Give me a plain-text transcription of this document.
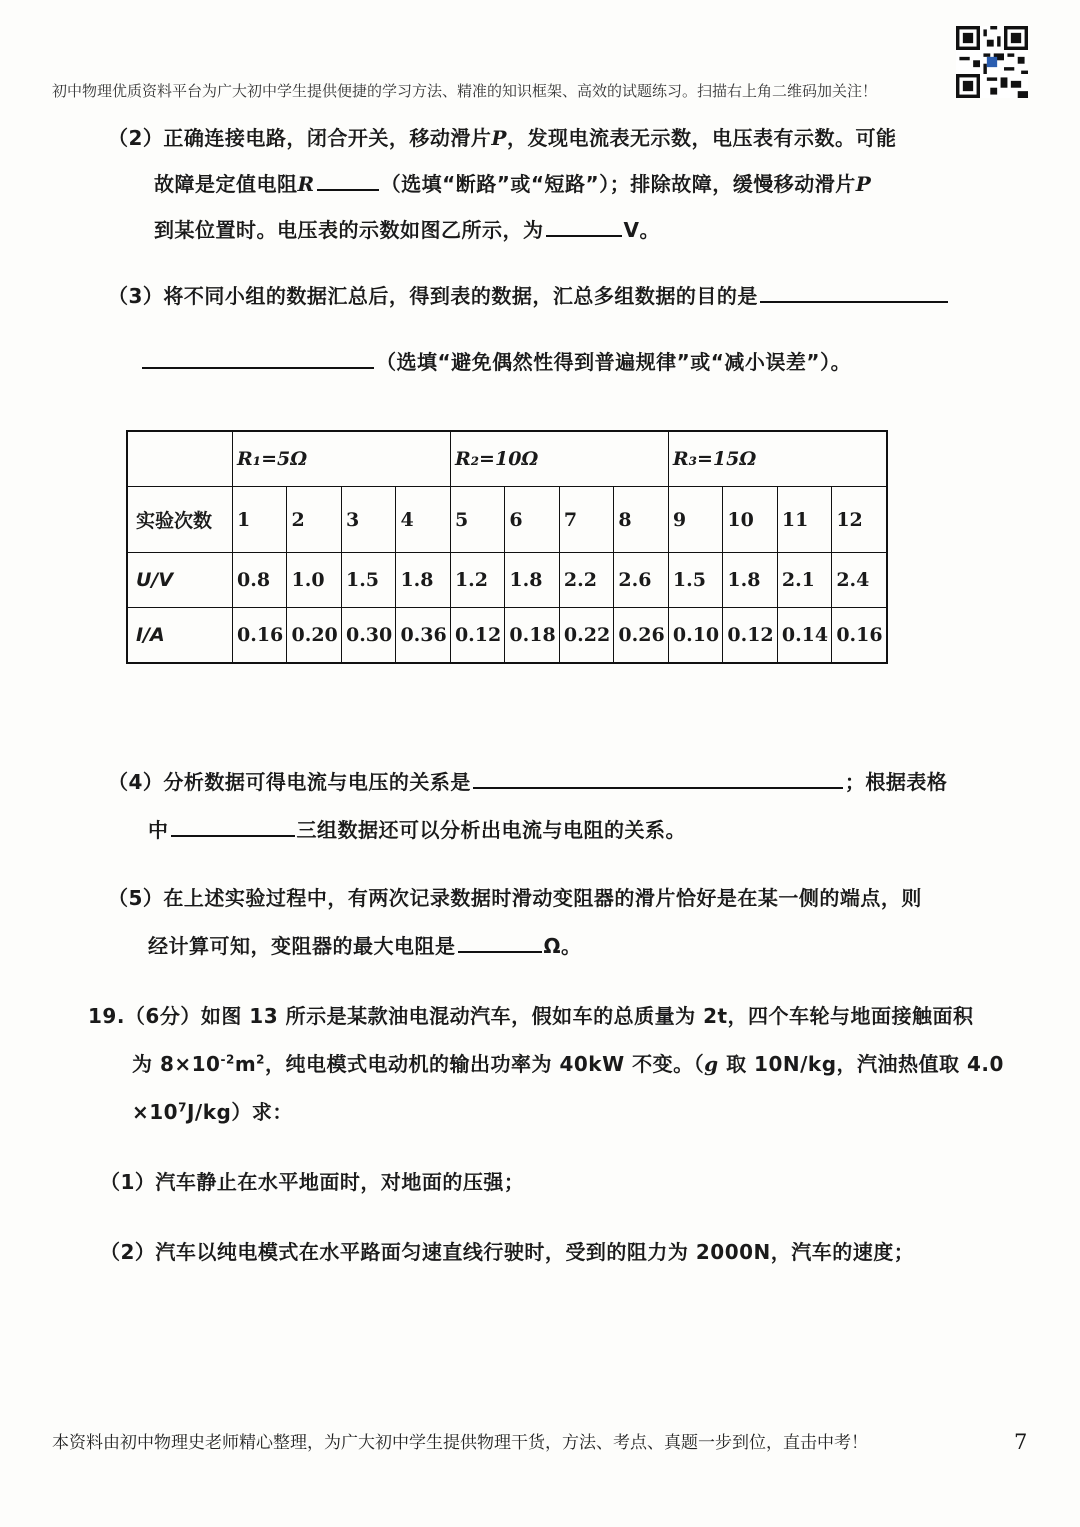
初中物理优质资料平台为广大初中学生提供便捷的学习方法、精准的知识框架、高效的试题练习。扫描右上角二维码加关注！
（2）正确连接电路，闭合开关，移动滑片P，发现电流表无示数，电压表有示数。可能
故障是定值电阻R	（选填“断路”或“短路”）；排除故障，缓慢移动滑片P
到某位置时。电压表的示数如图乙所示，为	V。
（3）将不同小组的数据汇总后，得到表的数据，汇总多组数据的目的是
（选填“避免偶然性得到普遍规律”或“减小误差”）。
	R₁=5Ω				R₂=10Ω				R₃=15Ω			
实验次数	1	2	3	4	5	6	7	8	9	10	11	12
U/V	0.8	1.0	1.5	1.8	1.2	1.8	2.2	2.6	1.5	1.8	2.1	2.4
I/A	0.16	0.20	0.30	0.36	0.12	0.18	0.22	0.26	0.10	0.12	0.14	0.16
（4）分析数据可得电流与电压的关系是	；根据表格
中	三组数据还可以分析出电流与电阻的关系。
（5）在上述实验过程中，有两次记录数据时滑动变阻器的滑片恰好是在某一侧的端点，则
经计算可知，变阻器的最大电阻是	Ω。
19.（6分）如图 13 所示是某款油电混动汽车，假如车的总质量为 2t，四个车轮与地面接触面积
为 $8\times 10^{-2}m^2$，纯电模式电动机的输出功率为 40kW 不变。（g 取 10N/kg，汽油热值取 4.0
$\times 10^7J/kg$）求：
（1）汽车静止在水平地面时，对地面的压强；
（2）汽车以纯电模式在水平路面匀速直线行驶时，受到的阻力为 2000N，汽车的速度；
本资料由初中物理史老师精心整理，为广大初中学生提供物理干货，方法、考点、真题一步到位，直击中考！	7
